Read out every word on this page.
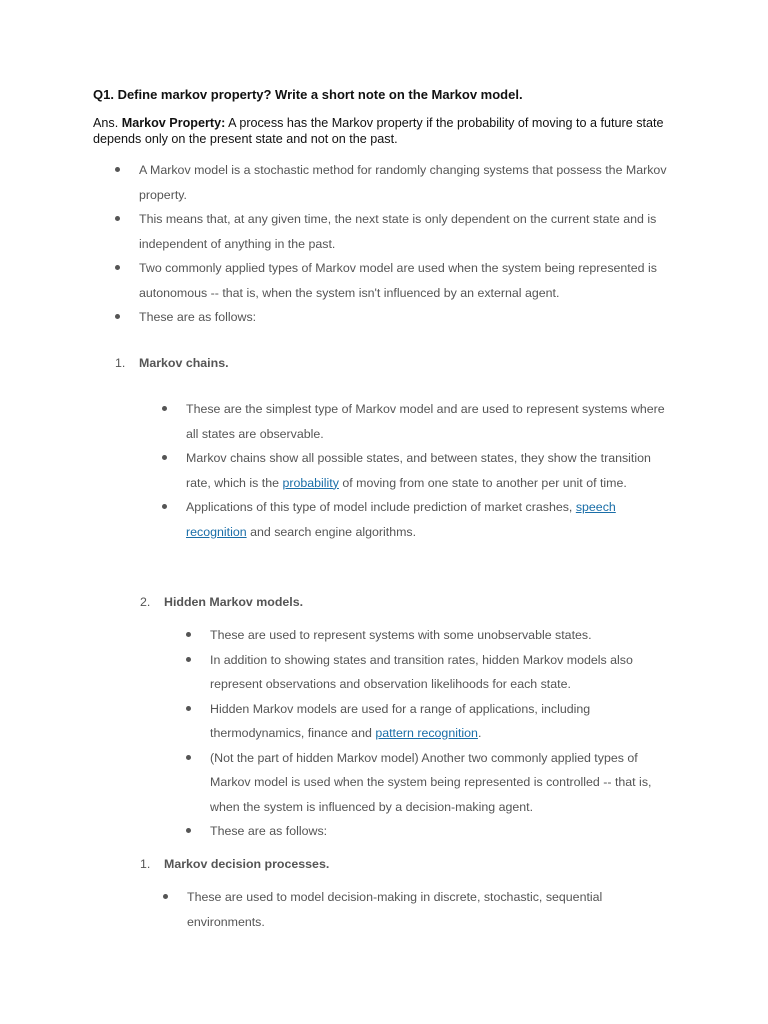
Q1. Define markov property? Write a short note on the Markov model.
Ans. Markov Property: A process has the Markov property if the probability of moving to a future state depends only on the present state and not on the past.
A Markov model is a stochastic method for randomly changing systems that possess the Markov property.
This means that, at any given time, the next state is only dependent on the current state and is independent of anything in the past.
Two commonly applied types of Markov model are used when the system being represented is autonomous -- that is, when the system isn't influenced by an external agent.
These are as follows:
1. Markov chains.
These are the simplest type of Markov model and are used to represent systems where all states are observable.
Markov chains show all possible states, and between states, they show the transition rate, which is the probability of moving from one state to another per unit of time.
Applications of this type of model include prediction of market crashes, speech recognition and search engine algorithms.
2. Hidden Markov models.
These are used to represent systems with some unobservable states.
In addition to showing states and transition rates, hidden Markov models also represent observations and observation likelihoods for each state.
Hidden Markov models are used for a range of applications, including thermodynamics, finance and pattern recognition.
(Not the part of hidden Markov model) Another two commonly applied types of Markov model is used when the system being represented is controlled -- that is, when the system is influenced by a decision-making agent.
These are as follows:
1. Markov decision processes.
These are used to model decision-making in discrete, stochastic, sequential environments.
